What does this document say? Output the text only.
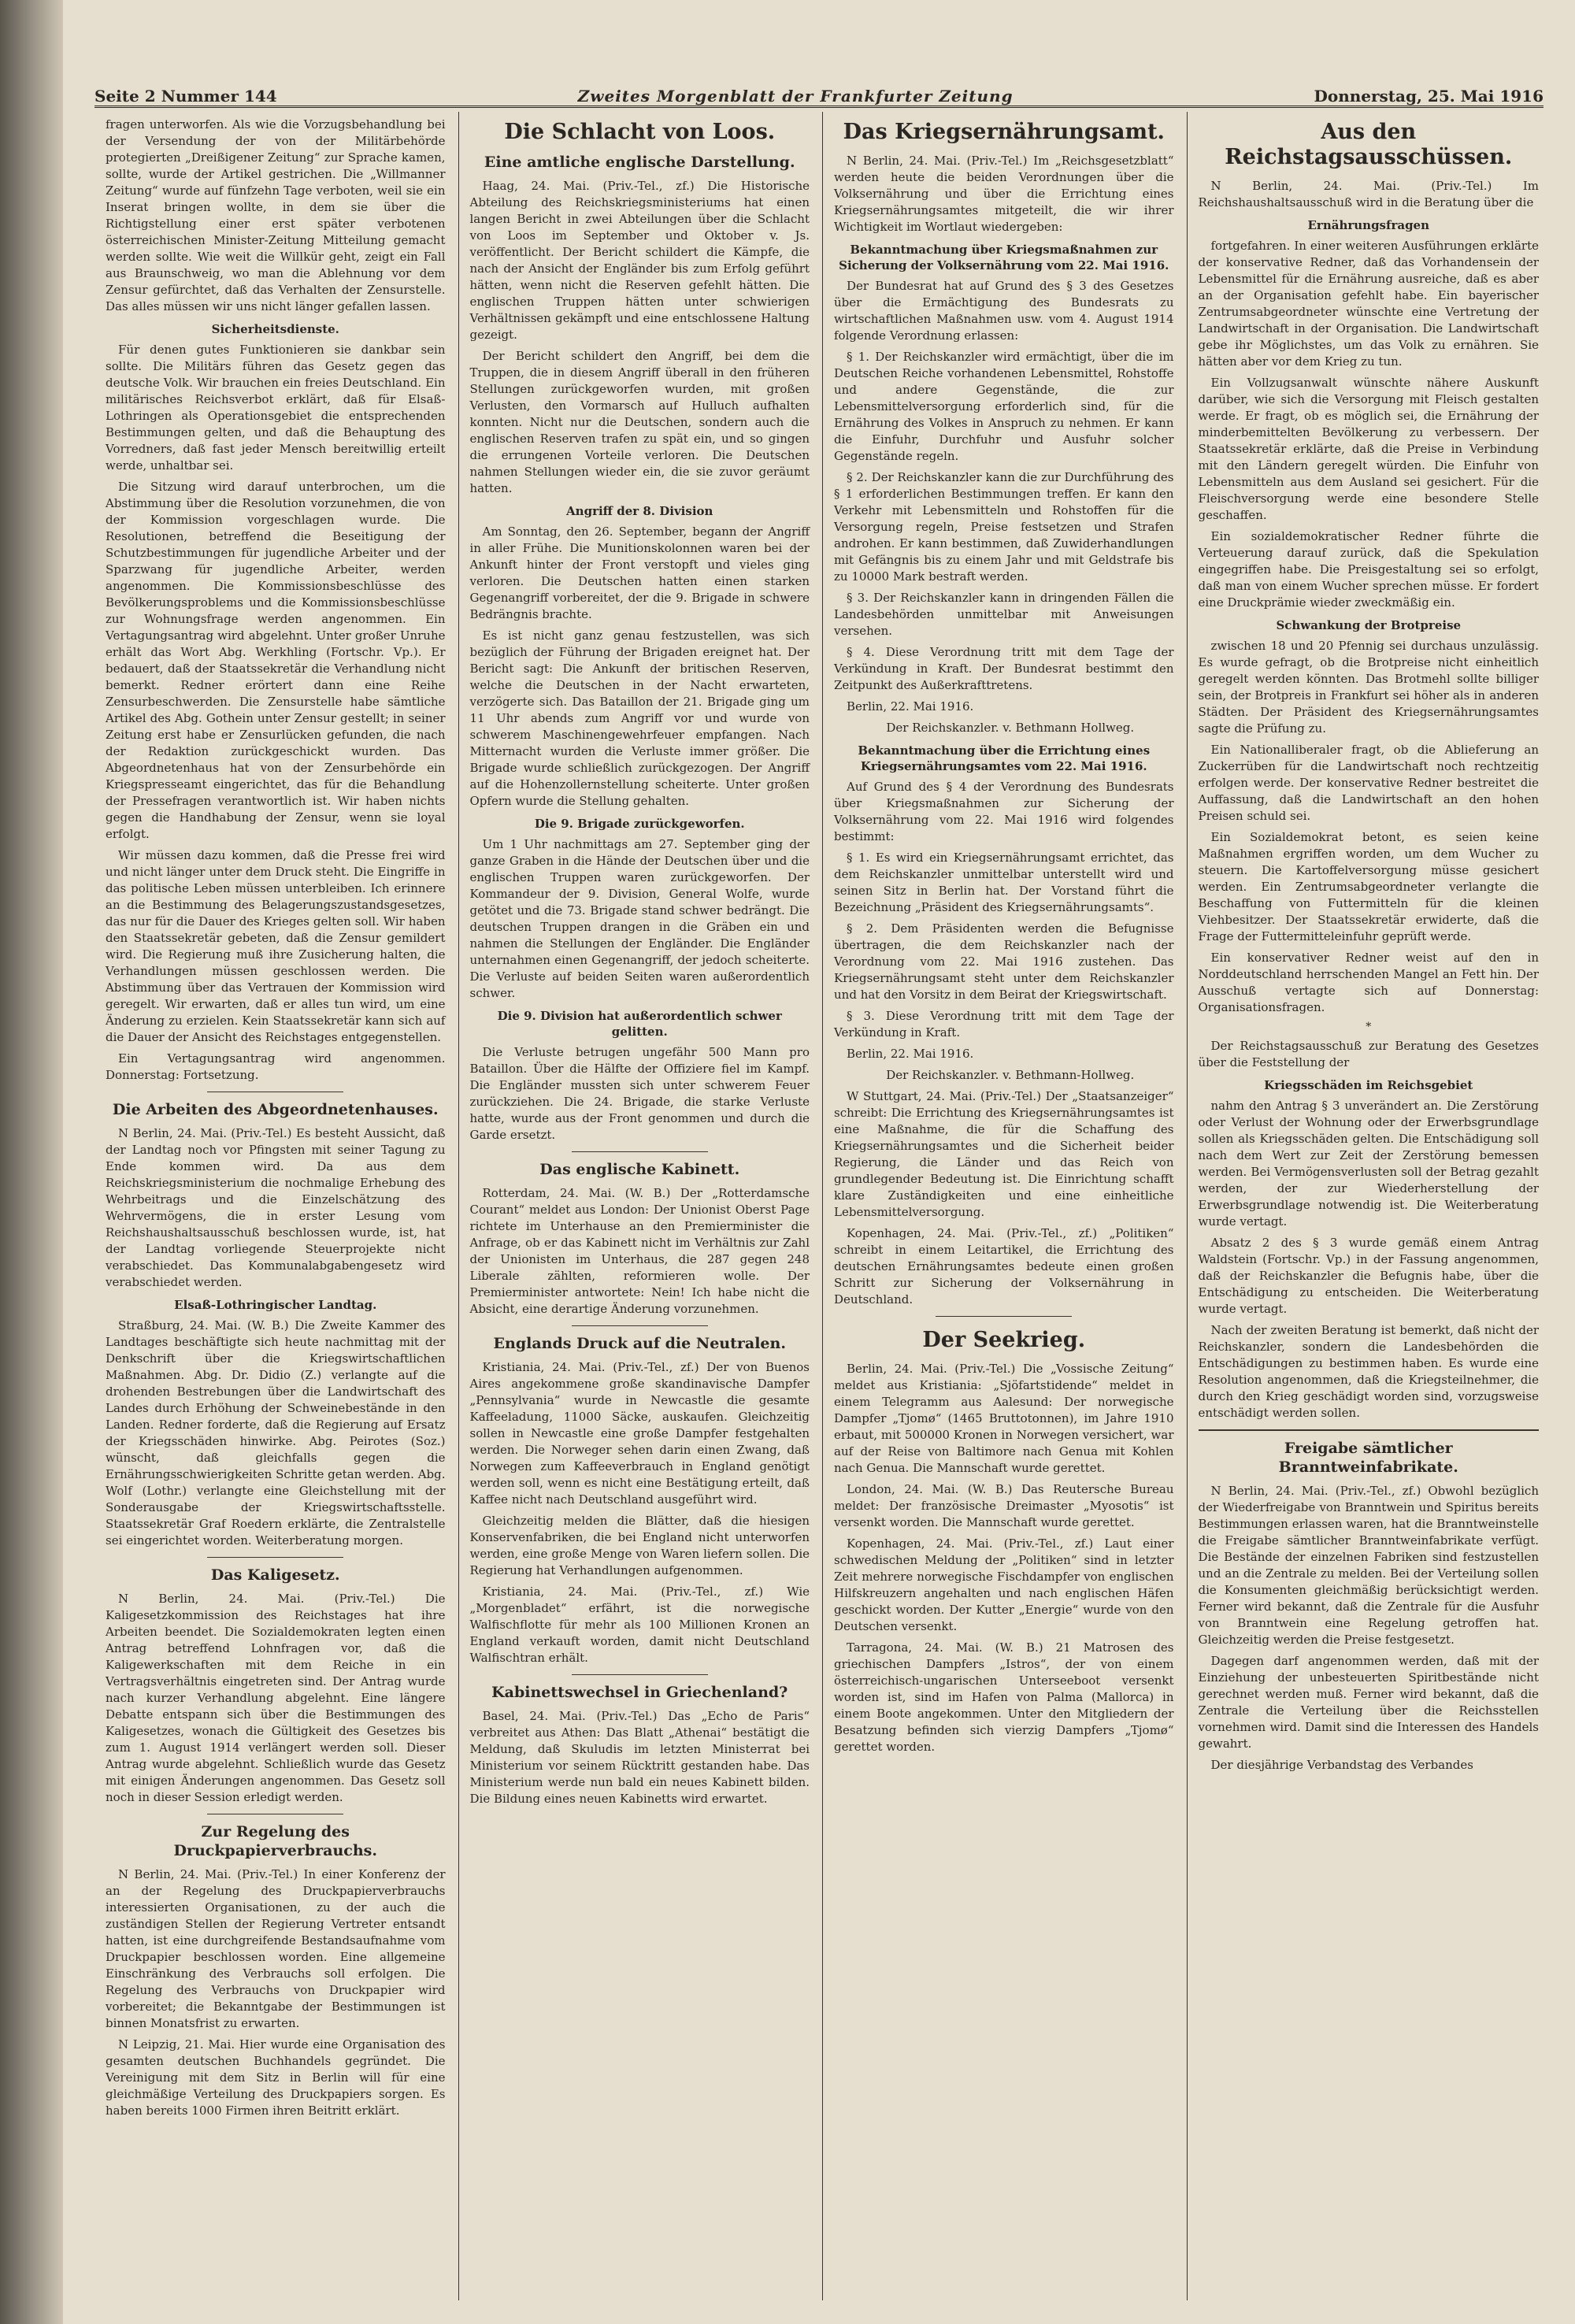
Seite 2 Nummer 144	Zweites Morgenblatt der Frankfurter Zeitung	Donnerstag, 25. Mai 1916

fragen unterworfen. Als wie die Vorzugsbehandlung bei der Versendung der von der Militärbehörde protegierten „Dreißigener Zeitung“ zur Sprache kamen, sollte, wurde der Artikel gestrichen. Die „Willmanner Zeitung“ wurde auf fünfzehn Tage verboten, weil sie ein Inserat bringen wollte, in dem sie über die Richtigstellung einer erst später verbotenen österreichischen Minister-Zeitung Mitteilung gemacht werden sollte. Wie weit die Willkür geht, zeigt ein Fall aus Braunschweig, wo man die Ablehnung vor dem Zensur gefürchtet, daß das Verhalten der Zensurstelle. Das alles müssen wir uns nicht länger gefallen lassen.

Sicherheitsdienste.

Für denen gutes Funktionieren sie dankbar sein sollte. Die Militärs führen das Gesetz gegen das deutsche Volk. Wir brauchen ein freies Deutschland. Ein militärisches Reichsverbot erklärt, daß für Elsaß-Lothringen als Operationsgebiet die entsprechenden Bestimmungen gelten, und daß die Behauptung des Vorredners, daß fast jeder Mensch bereitwillig erteilt werde, unhaltbar sei.

Die Sitzung wird darauf unterbrochen, um die Abstimmung über die Resolution vorzunehmen, die von der Kommission vorgeschlagen wurde. Die Resolutionen, betreffend die Beseitigung der Schutzbestimmungen für jugendliche Arbeiter und der Sparzwang für jugendliche Arbeiter, werden angenommen. Die Kommissionsbeschlüsse des Bevölkerungsproblems und die Kommissionsbeschlüsse zur Wohnungsfrage werden angenommen. Ein Vertagungsantrag wird abgelehnt. Unter großer Unruhe erhält das Wort Abg. Werkhling (Fortschr. Vp.). Er bedauert, daß der Staatssekretär die Verhandlung nicht bemerkt. Redner erörtert dann eine Reihe Zensurbeschwerden. Die Zensurstelle habe sämtliche Artikel des Abg. Gothein unter Zensur gestellt; in seiner Zeitung erst habe er Zensurlücken gefunden, die nach der Redaktion zurückgeschickt wurden. Das Abgeordnetenhaus hat von der Zensurbehörde ein Kriegspresseamt eingerichtet, das für die Behandlung der Pressefragen verantwortlich ist. Wir haben nichts gegen die Handhabung der Zensur, wenn sie loyal erfolgt.

Wir müssen dazu kommen, daß die Presse frei wird und nicht länger unter dem Druck steht. Die Eingriffe in das politische Leben müssen unterbleiben. Ich erinnere an die Bestimmung des Belagerungszustandsgesetzes, das nur für die Dauer des Krieges gelten soll. Wir haben den Staatssekretär gebeten, daß die Zensur gemildert wird. Die Regierung muß ihre Zusicherung halten, die Verhandlungen müssen geschlossen werden. Die Abstimmung über das Vertrauen der Kommission wird geregelt. Wir erwarten, daß er alles tun wird, um eine Änderung zu erzielen. Kein Staatssekretär kann sich auf die Dauer der Ansicht des Reichstages entgegenstellen.

Ein Vertagungsantrag wird angenommen. Donnerstag: Fortsetzung.

Die Arbeiten des Abgeordnetenhauses.

N Berlin, 24. Mai. (Priv.-Tel.) Es besteht Aussicht, daß der Landtag noch vor Pfingsten mit seiner Tagung zu Ende kommen wird. Da aus dem Reichskriegsministerium die nochmalige Erhebung des Wehrbeitrags und die Einzelschätzung des Wehrvermögens, die in erster Lesung vom Reichshaushaltsausschuß beschlossen wurde, ist, hat der Landtag vorliegende Steuerprojekte nicht verabschiedet. Das Kommunalabgabengesetz wird verabschiedet werden.

Elsaß-Lothringischer Landtag.

Straßburg, 24. Mai. (W. B.) Die Zweite Kammer des Landtages beschäftigte sich heute nachmittag mit der Denkschrift über die Kriegswirtschaftlichen Maßnahmen. Abg. Dr. Didio (Z.) verlangte auf die drohenden Bestrebungen über die Landwirtschaft des Landes durch Erhöhung der Schweinebestände in den Landen. Redner forderte, daß die Regierung auf Ersatz der Kriegsschäden hinwirke. Abg. Peirotes (Soz.) wünscht, daß gleichfalls gegen die Ernährungsschwierigkeiten Schritte getan werden. Abg. Wolf (Lothr.) verlangte eine Gleichstellung mit der Sonderausgabe der Kriegswirtschaftsstelle. Staatssekretär Graf Roedern erklärte, die Zentralstelle sei eingerichtet worden. Weiterberatung morgen.

Das Kaligesetz.

N Berlin, 24. Mai. (Priv.-Tel.) Die Kaligesetzkommission des Reichstages hat ihre Arbeiten beendet. Die Sozialdemokraten legten einen Antrag betreffend Lohnfragen vor, daß die Kaligewerkschaften mit dem Reiche in ein Vertragsverhältnis eingetreten sind. Der Antrag wurde nach kurzer Verhandlung abgelehnt. Eine längere Debatte entspann sich über die Bestimmungen des Kaligesetzes, wonach die Gültigkeit des Gesetzes bis zum 1. August 1914 verlängert werden soll. Dieser Antrag wurde abgelehnt. Schließlich wurde das Gesetz mit einigen Änderungen angenommen. Das Gesetz soll noch in dieser Session erledigt werden.

Zur Regelung des Druckpapierverbrauchs.

N Berlin, 24. Mai. (Priv.-Tel.) In einer Konferenz der an der Regelung des Druckpapierverbrauchs interessierten Organisationen, zu der auch die zuständigen Stellen der Regierung Vertreter entsandt hatten, ist eine durchgreifende Bestandsaufnahme vom Druckpapier beschlossen worden. Eine allgemeine Einschränkung des Verbrauchs soll erfolgen. Die Regelung des Verbrauchs von Druckpapier wird vorbereitet; die Bekanntgabe der Bestimmungen ist binnen Monatsfrist zu erwarten.

N Leipzig, 21. Mai. Hier wurde eine Organisation des gesamten deutschen Buchhandels gegründet. Die Vereinigung mit dem Sitz in Berlin will für eine gleichmäßige Verteilung des Druckpapiers sorgen. Es haben bereits 1000 Firmen ihren Beitritt erklärt.

Die Schlacht von Loos.
Eine amtliche englische Darstellung.

Haag, 24. Mai. (Priv.-Tel., zf.) Die Historische Abteilung des Reichskriegsministeriums hat einen langen Bericht in zwei Abteilungen über die Schlacht von Loos im September und Oktober v. Js. veröffentlicht. Der Bericht schildert die Kämpfe, die nach der Ansicht der Engländer bis zum Erfolg geführt hätten, wenn nicht die Reserven gefehlt hätten. Die englischen Truppen hätten unter schwierigen Verhältnissen gekämpft und eine entschlossene Haltung gezeigt.

Der Bericht schildert den Angriff, bei dem die Truppen, die in diesem Angriff überall in den früheren Stellungen zurückgeworfen wurden, mit großen Verlusten, den Vormarsch auf Hulluch aufhalten konnten. Nicht nur die Deutschen, sondern auch die englischen Reserven trafen zu spät ein, und so gingen die errungenen Vorteile verloren. Die Deutschen nahmen Stellungen wieder ein, die sie zuvor geräumt hatten.

Angriff der 8. Division

Am Sonntag, den 26. September, begann der Angriff in aller Frühe. Die Munitionskolonnen waren bei der Ankunft hinter der Front verstopft und vieles ging verloren. Die Deutschen hatten einen starken Gegenangriff vorbereitet, der die 9. Brigade in schwere Bedrängnis brachte.

Es ist nicht ganz genau festzustellen, was sich bezüglich der Führung der Brigaden ereignet hat. Der Bericht sagt: Die Ankunft der britischen Reserven, welche die Deutschen in der Nacht erwarteten, verzögerte sich. Das Bataillon der 21. Brigade ging um 11 Uhr abends zum Angriff vor und wurde von schwerem Maschinengewehrfeuer empfangen. Nach Mitternacht wurden die Verluste immer größer. Die Brigade wurde schließlich zurückgezogen. Der Angriff auf die Hohenzollernstellung scheiterte. Unter großen Opfern wurde die Stellung gehalten.

Die 9. Brigade zurückgeworfen.

Um 1 Uhr nachmittags am 27. September ging der ganze Graben in die Hände der Deutschen über und die englischen Truppen waren zurückgeworfen. Der Kommandeur der 9. Division, General Wolfe, wurde getötet und die 73. Brigade stand schwer bedrängt. Die deutschen Truppen drangen in die Gräben ein und nahmen die Stellungen der Engländer. Die Engländer unternahmen einen Gegenangriff, der jedoch scheiterte. Die Verluste auf beiden Seiten waren außerordentlich schwer.

Die 9. Division hat außerordentlich schwer gelitten.

Die Verluste betrugen ungefähr 500 Mann pro Bataillon. Über die Hälfte der Offiziere fiel im Kampf. Die Engländer mussten sich unter schwerem Feuer zurückziehen. Die 24. Brigade, die starke Verluste hatte, wurde aus der Front genommen und durch die Garde ersetzt.

Das englische Kabinett.

Rotterdam, 24. Mai. (W. B.) Der „Rotterdamsche Courant“ meldet aus London: Der Unionist Oberst Page richtete im Unterhause an den Premierminister die Anfrage, ob er das Kabinett nicht im Verhältnis zur Zahl der Unionisten im Unterhaus, die 287 gegen 248 Liberale zählten, reformieren wolle. Der Premierminister antwortete: Nein! Ich habe nicht die Absicht, eine derartige Änderung vorzunehmen.

Englands Druck auf die Neutralen.

Kristiania, 24. Mai. (Priv.-Tel., zf.) Der von Buenos Aires angekommene große skandinavische Dampfer „Pennsylvania“ wurde in Newcastle die gesamte Kaffeeladung, 11000 Säcke, auskaufen. Gleichzeitig sollen in Newcastle eine große Dampfer festgehalten werden. Die Norweger sehen darin einen Zwang, daß Norwegen zum Kaffeeverbrauch in England genötigt werden soll, wenn es nicht eine Bestätigung erteilt, daß Kaffee nicht nach Deutschland ausgeführt wird.

Gleichzeitig melden die Blätter, daß die hiesigen Konservenfabriken, die bei England nicht unterworfen werden, eine große Menge von Waren liefern sollen. Die Regierung hat Verhandlungen aufgenommen.

Kristiania, 24. Mai. (Priv.-Tel., zf.) Wie „Morgenbladet“ erfährt, ist die norwegische Walfischflotte für mehr als 100 Millionen Kronen an England verkauft worden, damit nicht Deutschland Walfischtran erhält.

Kabinettswechsel in Griechenland?

Basel, 24. Mai. (Priv.-Tel.) Das „Echo de Paris“ verbreitet aus Athen: Das Blatt „Athenai“ bestätigt die Meldung, daß Skuludis im letzten Ministerrat bei Ministerium vor seinem Rücktritt gestanden habe. Das Ministerium werde nun bald ein neues Kabinett bilden. Die Bildung eines neuen Kabinetts wird erwartet.

Das Kriegsernährungsamt.

N Berlin, 24. Mai. (Priv.-Tel.) Im „Reichsgesetzblatt“ werden heute die beiden Verordnungen über die Volksernährung und über die Errichtung eines Kriegsernährungsamtes mitgeteilt, die wir ihrer Wichtigkeit im Wortlaut wiedergeben:

Bekanntmachung über Kriegsmaßnahmen zur Sicherung der Volksernährung vom 22. Mai 1916.

Der Bundesrat hat auf Grund des § 3 des Gesetzes über die Ermächtigung des Bundesrats zu wirtschaftlichen Maßnahmen usw. vom 4. August 1914 folgende Verordnung erlassen:

§ 1. Der Reichskanzler wird ermächtigt, über die im Deutschen Reiche vorhandenen Lebensmittel, Rohstoffe und andere Gegenstände, die zur Lebensmittelversorgung erforderlich sind, für die Ernährung des Volkes in Anspruch zu nehmen. Er kann die Einfuhr, Durchfuhr und Ausfuhr solcher Gegenstände regeln.

§ 2. Der Reichskanzler kann die zur Durchführung des § 1 erforderlichen Bestimmungen treffen. Er kann den Verkehr mit Lebensmitteln und Rohstoffen für die Versorgung regeln, Preise festsetzen und Strafen androhen. Er kann bestimmen, daß Zuwiderhandlungen mit Gefängnis bis zu einem Jahr und mit Geldstrafe bis zu 10000 Mark bestraft werden.

§ 3. Der Reichskanzler kann in dringenden Fällen die Landesbehörden unmittelbar mit Anweisungen versehen.

§ 4. Diese Verordnung tritt mit dem Tage der Verkündung in Kraft. Der Bundesrat bestimmt den Zeitpunkt des Außerkrafttretens.

Berlin, 22. Mai 1916.

Der Reichskanzler. v. Bethmann Hollweg.

Bekanntmachung über die Errichtung eines Kriegsernährungsamtes vom 22. Mai 1916.

Auf Grund des § 4 der Verordnung des Bundesrats über Kriegsmaßnahmen zur Sicherung der Volksernährung vom 22. Mai 1916 wird folgendes bestimmt:

§ 1. Es wird ein Kriegsernährungsamt errichtet, das dem Reichskanzler unmittelbar unterstellt wird und seinen Sitz in Berlin hat. Der Vorstand führt die Bezeichnung „Präsident des Kriegsernährungsamts“.

§ 2. Dem Präsidenten werden die Befugnisse übertragen, die dem Reichskanzler nach der Verordnung vom 22. Mai 1916 zustehen. Das Kriegsernährungsamt steht unter dem Reichskanzler und hat den Vorsitz in dem Beirat der Kriegswirtschaft.

§ 3. Diese Verordnung tritt mit dem Tage der Verkündung in Kraft.

Berlin, 22. Mai 1916.

Der Reichskanzler. v. Bethmann-Hollweg.

W Stuttgart, 24. Mai. (Priv.-Tel.) Der „Staatsanzeiger“ schreibt: Die Errichtung des Kriegsernährungsamtes ist eine Maßnahme, die für die Schaffung des Kriegsernährungsamtes und die Sicherheit beider Regierung, die Länder und das Reich von grundlegender Bedeutung ist. Die Einrichtung schafft klare Zuständigkeiten und eine einheitliche Lebensmittelversorgung.

Kopenhagen, 24. Mai. (Priv.-Tel., zf.) „Politiken“ schreibt in einem Leitartikel, die Errichtung des deutschen Ernährungsamtes bedeute einen großen Schritt zur Sicherung der Volksernährung in Deutschland.

Der Seekrieg.

Berlin, 24. Mai. (Priv.-Tel.) Die „Vossische Zeitung“ meldet aus Kristiania: „Sjöfartstidende“ meldet in einem Telegramm aus Aalesund: Der norwegische Dampfer „Tjomø“ (1465 Bruttotonnen), im Jahre 1910 erbaut, mit 500000 Kronen in Norwegen versichert, war auf der Reise von Baltimore nach Genua mit Kohlen nach Genua. Die Mannschaft wurde gerettet.

London, 24. Mai. (W. B.) Das Reutersche Bureau meldet: Der französische Dreimaster „Myosotis“ ist versenkt worden. Die Mannschaft wurde gerettet.

Kopenhagen, 24. Mai. (Priv.-Tel., zf.) Laut einer schwedischen Meldung der „Politiken“ sind in letzter Zeit mehrere norwegische Fischdampfer von englischen Hilfskreuzern angehalten und nach englischen Häfen geschickt worden. Der Kutter „Energie“ wurde von den Deutschen versenkt.

Tarragona, 24. Mai. (W. B.) 21 Matrosen des griechischen Dampfers „Istros“, der von einem österreichisch-ungarischen Unterseeboot versenkt worden ist, sind im Hafen von Palma (Mallorca) in einem Boote angekommen. Unter den Mitgliedern der Besatzung befinden sich vierzig Dampfers „Tjomø“ gerettet worden.

Aus den Reichstagsausschüssen.

N Berlin, 24. Mai. (Priv.-Tel.) Im Reichshaushaltsausschuß wird in die Beratung über die

Ernährungsfragen

fortgefahren. In einer weiteren Ausführungen erklärte der konservative Redner, daß das Vorhandensein der Lebensmittel für die Ernährung ausreiche, daß es aber an der Organisation gefehlt habe. Ein bayerischer Zentrumsabgeordneter wünschte eine Vertretung der Landwirtschaft in der Organisation. Die Landwirtschaft gebe ihr Möglichstes, um das Volk zu ernähren. Sie hätten aber vor dem Krieg zu tun.

Ein Vollzugsanwalt wünschte nähere Auskunft darüber, wie sich die Versorgung mit Fleisch gestalten werde. Er fragt, ob es möglich sei, die Ernährung der minderbemittelten Bevölkerung zu verbessern. Der Staatssekretär erklärte, daß die Preise in Verbindung mit den Ländern geregelt würden. Die Einfuhr von Lebensmitteln aus dem Ausland sei gesichert. Für die Fleischversorgung werde eine besondere Stelle geschaffen.

Ein sozialdemokratischer Redner führte die Verteuerung darauf zurück, daß die Spekulation eingegriffen habe. Die Preisgestaltung sei so erfolgt, daß man von einem Wucher sprechen müsse. Er fordert eine Druckprämie wieder zweckmäßig ein.

Schwankung der Brotpreise

zwischen 18 und 20 Pfennig sei durchaus unzulässig. Es wurde gefragt, ob die Brotpreise nicht einheitlich geregelt werden könnten. Das Brotmehl sollte billiger sein, der Brotpreis in Frankfurt sei höher als in anderen Städten. Der Präsident des Kriegsernährungsamtes sagte die Prüfung zu.

Ein Nationalliberaler fragt, ob die Ablieferung an Zuckerrüben für die Landwirtschaft noch rechtzeitig erfolgen werde. Der konservative Redner bestreitet die Auffassung, daß die Landwirtschaft an den hohen Preisen schuld sei.

Ein Sozialdemokrat betont, es seien keine Maßnahmen ergriffen worden, um dem Wucher zu steuern. Die Kartoffelversorgung müsse gesichert werden. Ein Zentrumsabgeordneter verlangte die Beschaffung von Futtermitteln für die kleinen Viehbesitzer. Der Staatssekretär erwiderte, daß die Frage der Futtermitteleinfuhr geprüft werde.

Ein konservativer Redner weist auf den in Norddeutschland herrschenden Mangel an Fett hin. Der Ausschuß vertagte sich auf Donnerstag: Organisationsfragen.

*

Der Reichstagsausschuß zur Beratung des Gesetzes über die Feststellung der

Kriegsschäden im Reichsgebiet

nahm den Antrag § 3 unverändert an. Die Zerstörung oder Verlust der Wohnung oder der Erwerbsgrundlage sollen als Kriegsschäden gelten. Die Entschädigung soll nach dem Wert zur Zeit der Zerstörung bemessen werden. Bei Vermögensverlusten soll der Betrag gezahlt werden, der zur Wiederherstellung der Erwerbsgrundlage notwendig ist. Die Weiterberatung wurde vertagt.

Absatz 2 des § 3 wurde gemäß einem Antrag Waldstein (Fortschr. Vp.) in der Fassung angenommen, daß der Reichskanzler die Befugnis habe, über die Entschädigung zu entscheiden. Die Weiterberatung wurde vertagt.

Nach der zweiten Beratung ist bemerkt, daß nicht der Reichskanzler, sondern die Landesbehörden die Entschädigungen zu bestimmen haben. Es wurde eine Resolution angenommen, daß die Kriegsteilnehmer, die durch den Krieg geschädigt worden sind, vorzugsweise entschädigt werden sollen.

Freigabe sämtlicher Branntweinfabrikate.

N Berlin, 24. Mai. (Priv.-Tel., zf.) Obwohl bezüglich der Wiederfreigabe von Branntwein und Spiritus bereits Bestimmungen erlassen waren, hat die Branntweinstelle die Freigabe sämtlicher Branntweinfabrikate verfügt. Die Bestände der einzelnen Fabriken sind festzustellen und an die Zentrale zu melden. Bei der Verteilung sollen die Konsumenten gleichmäßig berücksichtigt werden. Ferner wird bekannt, daß die Zentrale für die Ausfuhr von Branntwein eine Regelung getroffen hat. Gleichzeitig werden die Preise festgesetzt.

Dagegen darf angenommen werden, daß mit der Einziehung der unbesteuerten Spiritbestände nicht gerechnet werden muß. Ferner wird bekannt, daß die Zentrale die Verteilung über die Reichsstellen vornehmen wird. Damit sind die Interessen des Handels gewahrt.

Der diesjährige Verbandstag des Verbandes
